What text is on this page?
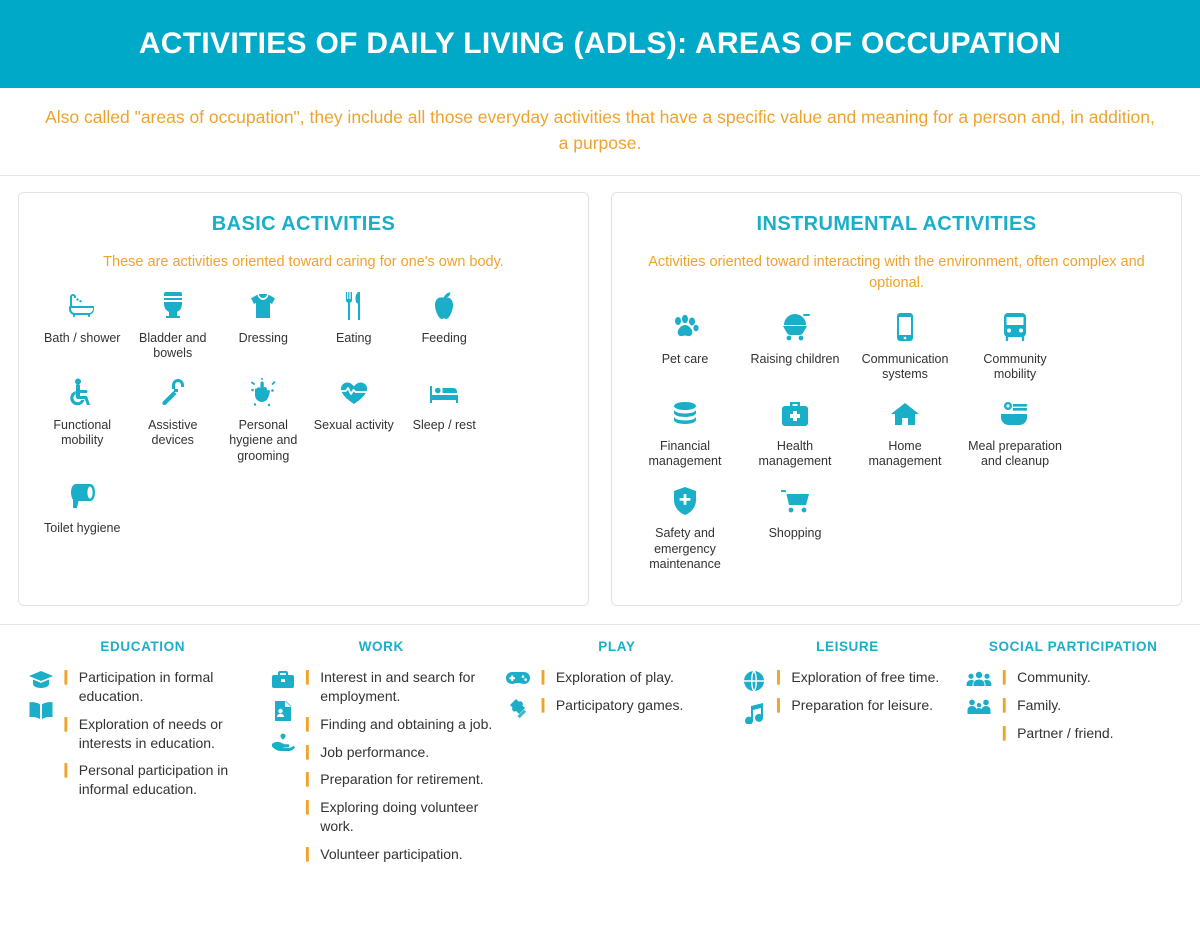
ACTIVITIES OF DAILY LIVING (ADLS): AREAS OF OCCUPATION
Also called "areas of occupation", they include all those everyday activities that have a specific value and meaning for a person and, in addition, a purpose.
BASIC ACTIVITIES
These are activities oriented toward caring for one's own body.
Bath / shower	Bladder and bowels
Dressing	Eating	Feeding
Functional mobility
Assistive devices
Personal hygiene and grooming
Sexual activity Sleep / rest
Toilet hygiene
INSTRUMENTAL ACTIVITIES
Activities oriented toward interacting with the environment, often complex and optional.
Pet care	Raising children	Communication systems
Community mobility
Financial management
Health management
Home management
Meal preparation and cleanup
Safety and emergency maintenance
Shopping
EDUCATION
❙ Participation in formal education.
❙ Exploration of needs or interests in education.
❙ Personal participation in informal education.
WORK
❙ Interest in and search for employment.
❙ Finding and obtaining a job.
❙ Job performance.
❙ Preparation for retirement.
❙ Exploring doing volunteer work.
❙ Volunteer participation.
PLAY
❙ Exploration of play.
❙ Participatory games.
LEISURE
❙ Exploration of free time.
❙ Preparation for leisure.
SOCIAL PARTICIPATION
❙ Community.
❙ Family.
❙ Partner / friend.
